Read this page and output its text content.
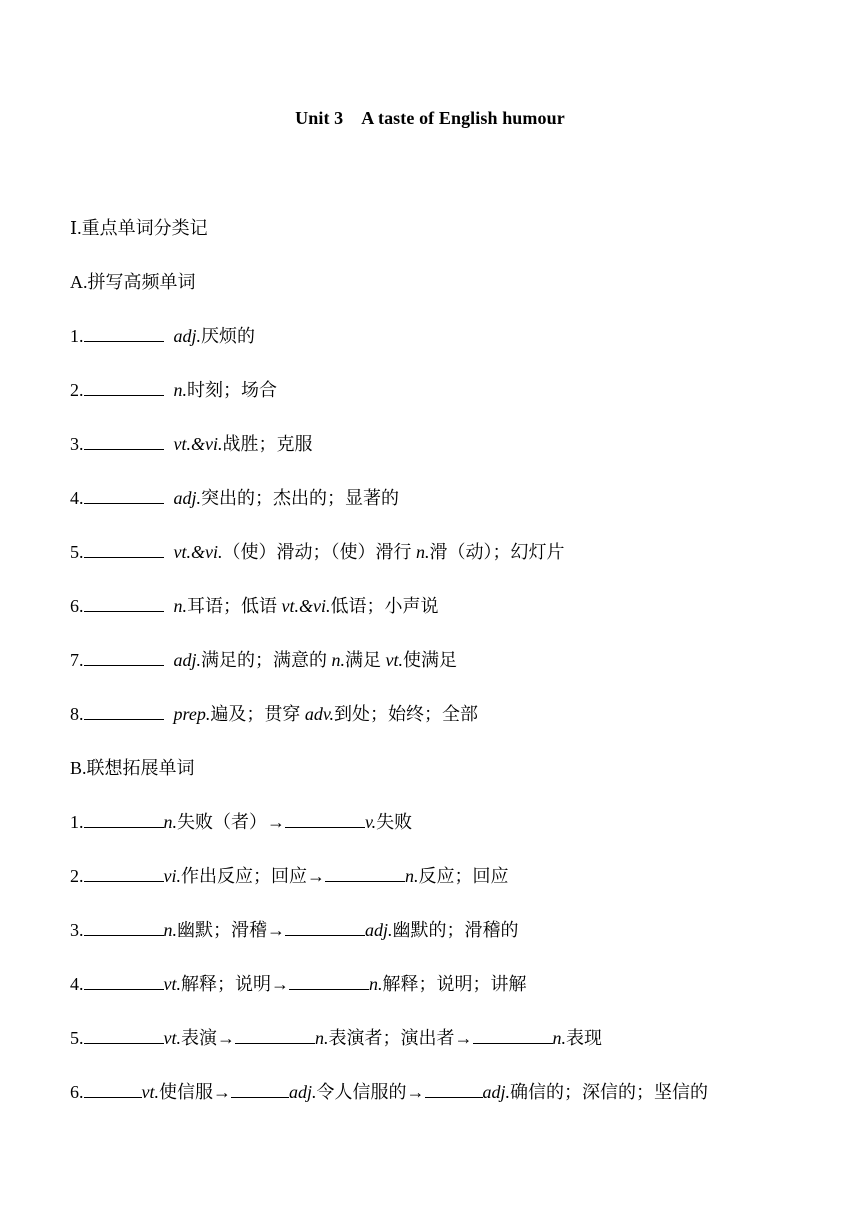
Unit 3 A taste of English humour
Ⅰ.重点单词分类记
A.拼写高频单词
1.	adj.厌烦的
2.	n.时刻；场合
3.	vt.&vi.战胜；克服
4.	adj.突出的；杰出的；显著的
5.	vt.&vi.（使）滑动；（使）滑行 n.滑（动）；幻灯片
6.	n.耳语；低语 vt.&vi.低语；小声说
7.	adj.满足的；满意的 n.满足 vt.使满足
8.	prep.遍及；贯穿 adv.到处；始终；全部
B.联想拓展单词
1.	n.失败（者）→	v.失败
2.	vi.作出反应；回应→	n.反应；回应
3.	n.幽默；滑稽→	adj.幽默的；滑稽的
4.	vt.解释；说明→	n.解释；说明；讲解
5.	vt.表演→	n.表演者；演出者→	n.表现
6.	vt.使信服→	adj.令人信服的→	adj.确信的；深信的；坚信的
